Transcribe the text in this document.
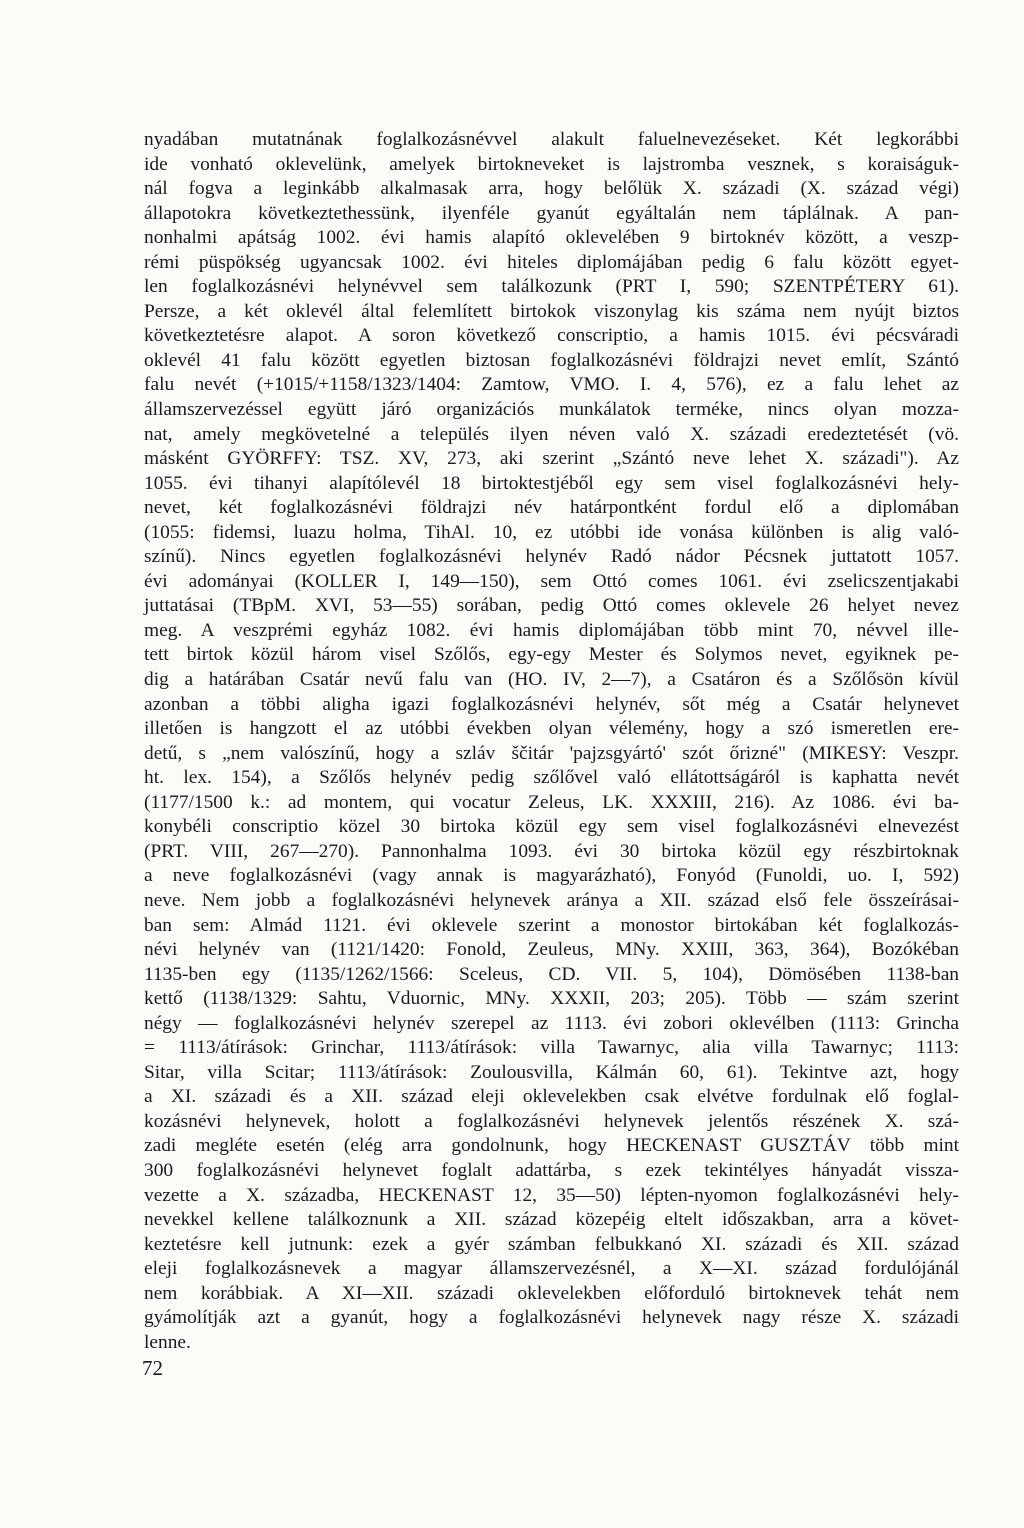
nyadában mutatnának foglalkozásnévvel alakult faluelnevezéseket. Két legkorábbi
ide vonható oklevelünk, amelyek birtokneveket is lajstromba vesznek, s koraiságuk-
nál fogva a leginkább alkalmasak arra, hogy belőlük X. századi (X. század végi)
állapotokra következtethessünk, ilyenféle gyanút egyáltalán nem táplálnak. A pan-
nonhalmi apátság 1002. évi hamis alapító oklevelében 9 birtoknév között, a veszp-
rémi püspökség ugyancsak 1002. évi hiteles diplomájában pedig 6 falu között egyet-
len foglalkozásnévi helynévvel sem találkozunk (PRT I, 590; SZENTPÉTERY 61).
Persze, a két oklevél által felemlített birtokok viszonylag kis száma nem nyújt biztos
következtetésre alapot. A soron következő conscriptio, a hamis 1015. évi pécsváradi
oklevél 41 falu között egyetlen biztosan foglalkozásnévi földrajzi nevet említ, Szántó
falu nevét (+1015/+1158/1323/1404: Zamtow, VMO. I. 4, 576), ez a falu lehet az
államszervezéssel együtt járó organizációs munkálatok terméke, nincs olyan mozza-
nat, amely megkövetelné a település ilyen néven való X. századi eredeztetését (vö.
másként GYÖRFFY: TSZ. XV, 273, aki szerint „Szántó neve lehet X. századi"). Az
1055. évi tihanyi alapítólevél 18 birtoktestjéből egy sem visel foglalkozásnévi hely-
nevet, két foglalkozásnévi földrajzi név határpontként fordul elő a diplomában
(1055: fidemsi, luazu holma, TihAl. 10, ez utóbbi ide vonása különben is alig való-
színű). Nincs egyetlen foglalkozásnévi helynév Radó nádor Pécsnek juttatott 1057.
évi adományai (KOLLER I, 149—150), sem Ottó comes 1061. évi zselicszentjakabi
juttatásai (TBpM. XVI, 53—55) sorában, pedig Ottó comes oklevele 26 helyet nevez
meg. A veszprémi egyház 1082. évi hamis diplomájában több mint 70, névvel ille-
tett birtok közül három visel Szőlős, egy-egy Mester és Solymos nevet, egyiknek pe-
dig a határában Csatár nevű falu van (HO. IV, 2—7), a Csatáron és a Szőlősön kívül
azonban a többi aligha igazi foglalkozásnévi helynév, sőt még a Csatár helynevet
illetően is hangzott el az utóbbi években olyan vélemény, hogy a szó ismeretlen ere-
detű, s „nem valószínű, hogy a szláv ščitár 'pajzsgyártó' szót őrizné" (MIKESY: Veszpr.
ht. lex. 154), a Szőlős helynév pedig szőlővel való ellátottságáról is kaphatta nevét
(1177/1500 k.: ad montem, qui vocatur Zeleus, LK. XXXIII, 216). Az 1086. évi ba-
konybéli conscriptio közel 30 birtoka közül egy sem visel foglalkozásnévi elnevezést
(PRT. VIII, 267—270). Pannonhalma 1093. évi 30 birtoka közül egy részbirtoknak
a neve foglalkozásnévi (vagy annak is magyarázható), Fonyód (Funoldi, uo. I, 592)
neve. Nem jobb a foglalkozásnévi helynevek aránya a XII. század első fele összeírásai-
ban sem: Almád 1121. évi oklevele szerint a monostor birtokában két foglalkozás-
névi helynév van (1121/1420: Fonold, Zeuleus, MNy. XXIII, 363, 364), Bozókéban
1135-ben egy (1135/1262/1566: Sceleus, CD. VII. 5, 104), Dömösében 1138-ban
kettő (1138/1329: Sahtu, Vduornic, MNy. XXXII, 203; 205). Több — szám szerint
négy — foglalkozásnévi helynév szerepel az 1113. évi zobori oklevélben (1113: Grincha
= 1113/átírások: Grinchar, 1113/átírások: villa Tawarnyc, alia villa Tawarnyc; 1113:
Sitar, villa Scitar; 1113/átírások: Zoulousvilla, Kálmán 60, 61). Tekintve azt, hogy
a XI. századi és a XII. század eleji oklevelekben csak elvétve fordulnak elő foglal-
kozásnévi helynevek, holott a foglalkozásnévi helynevek jelentős részének X. szá-
zadi megléte esetén (elég arra gondolnunk, hogy HECKENAST GUSZTÁV több mint
300 foglalkozásnévi helynevet foglalt adattárba, s ezek tekintélyes hányadát vissza-
vezette a X. századba, HECKENAST 12, 35—50) lépten-nyomon foglalkozásnévi hely-
nevekkel kellene találkoznunk a XII. század közepéig eltelt időszakban, arra a követ-
keztetésre kell jutnunk: ezek a gyér számban felbukkanó XI. századi és XII. század
eleji foglalkozásnevek a magyar államszervezésnél, a X—XI. század fordulójánál
nem korábbiak. A XI—XII. századi oklevelekben előforduló birtoknevek tehát nem
gyámolítják azt a gyanút, hogy a foglalkozásnévi helynevek nagy része X. századi
lenne.
72
